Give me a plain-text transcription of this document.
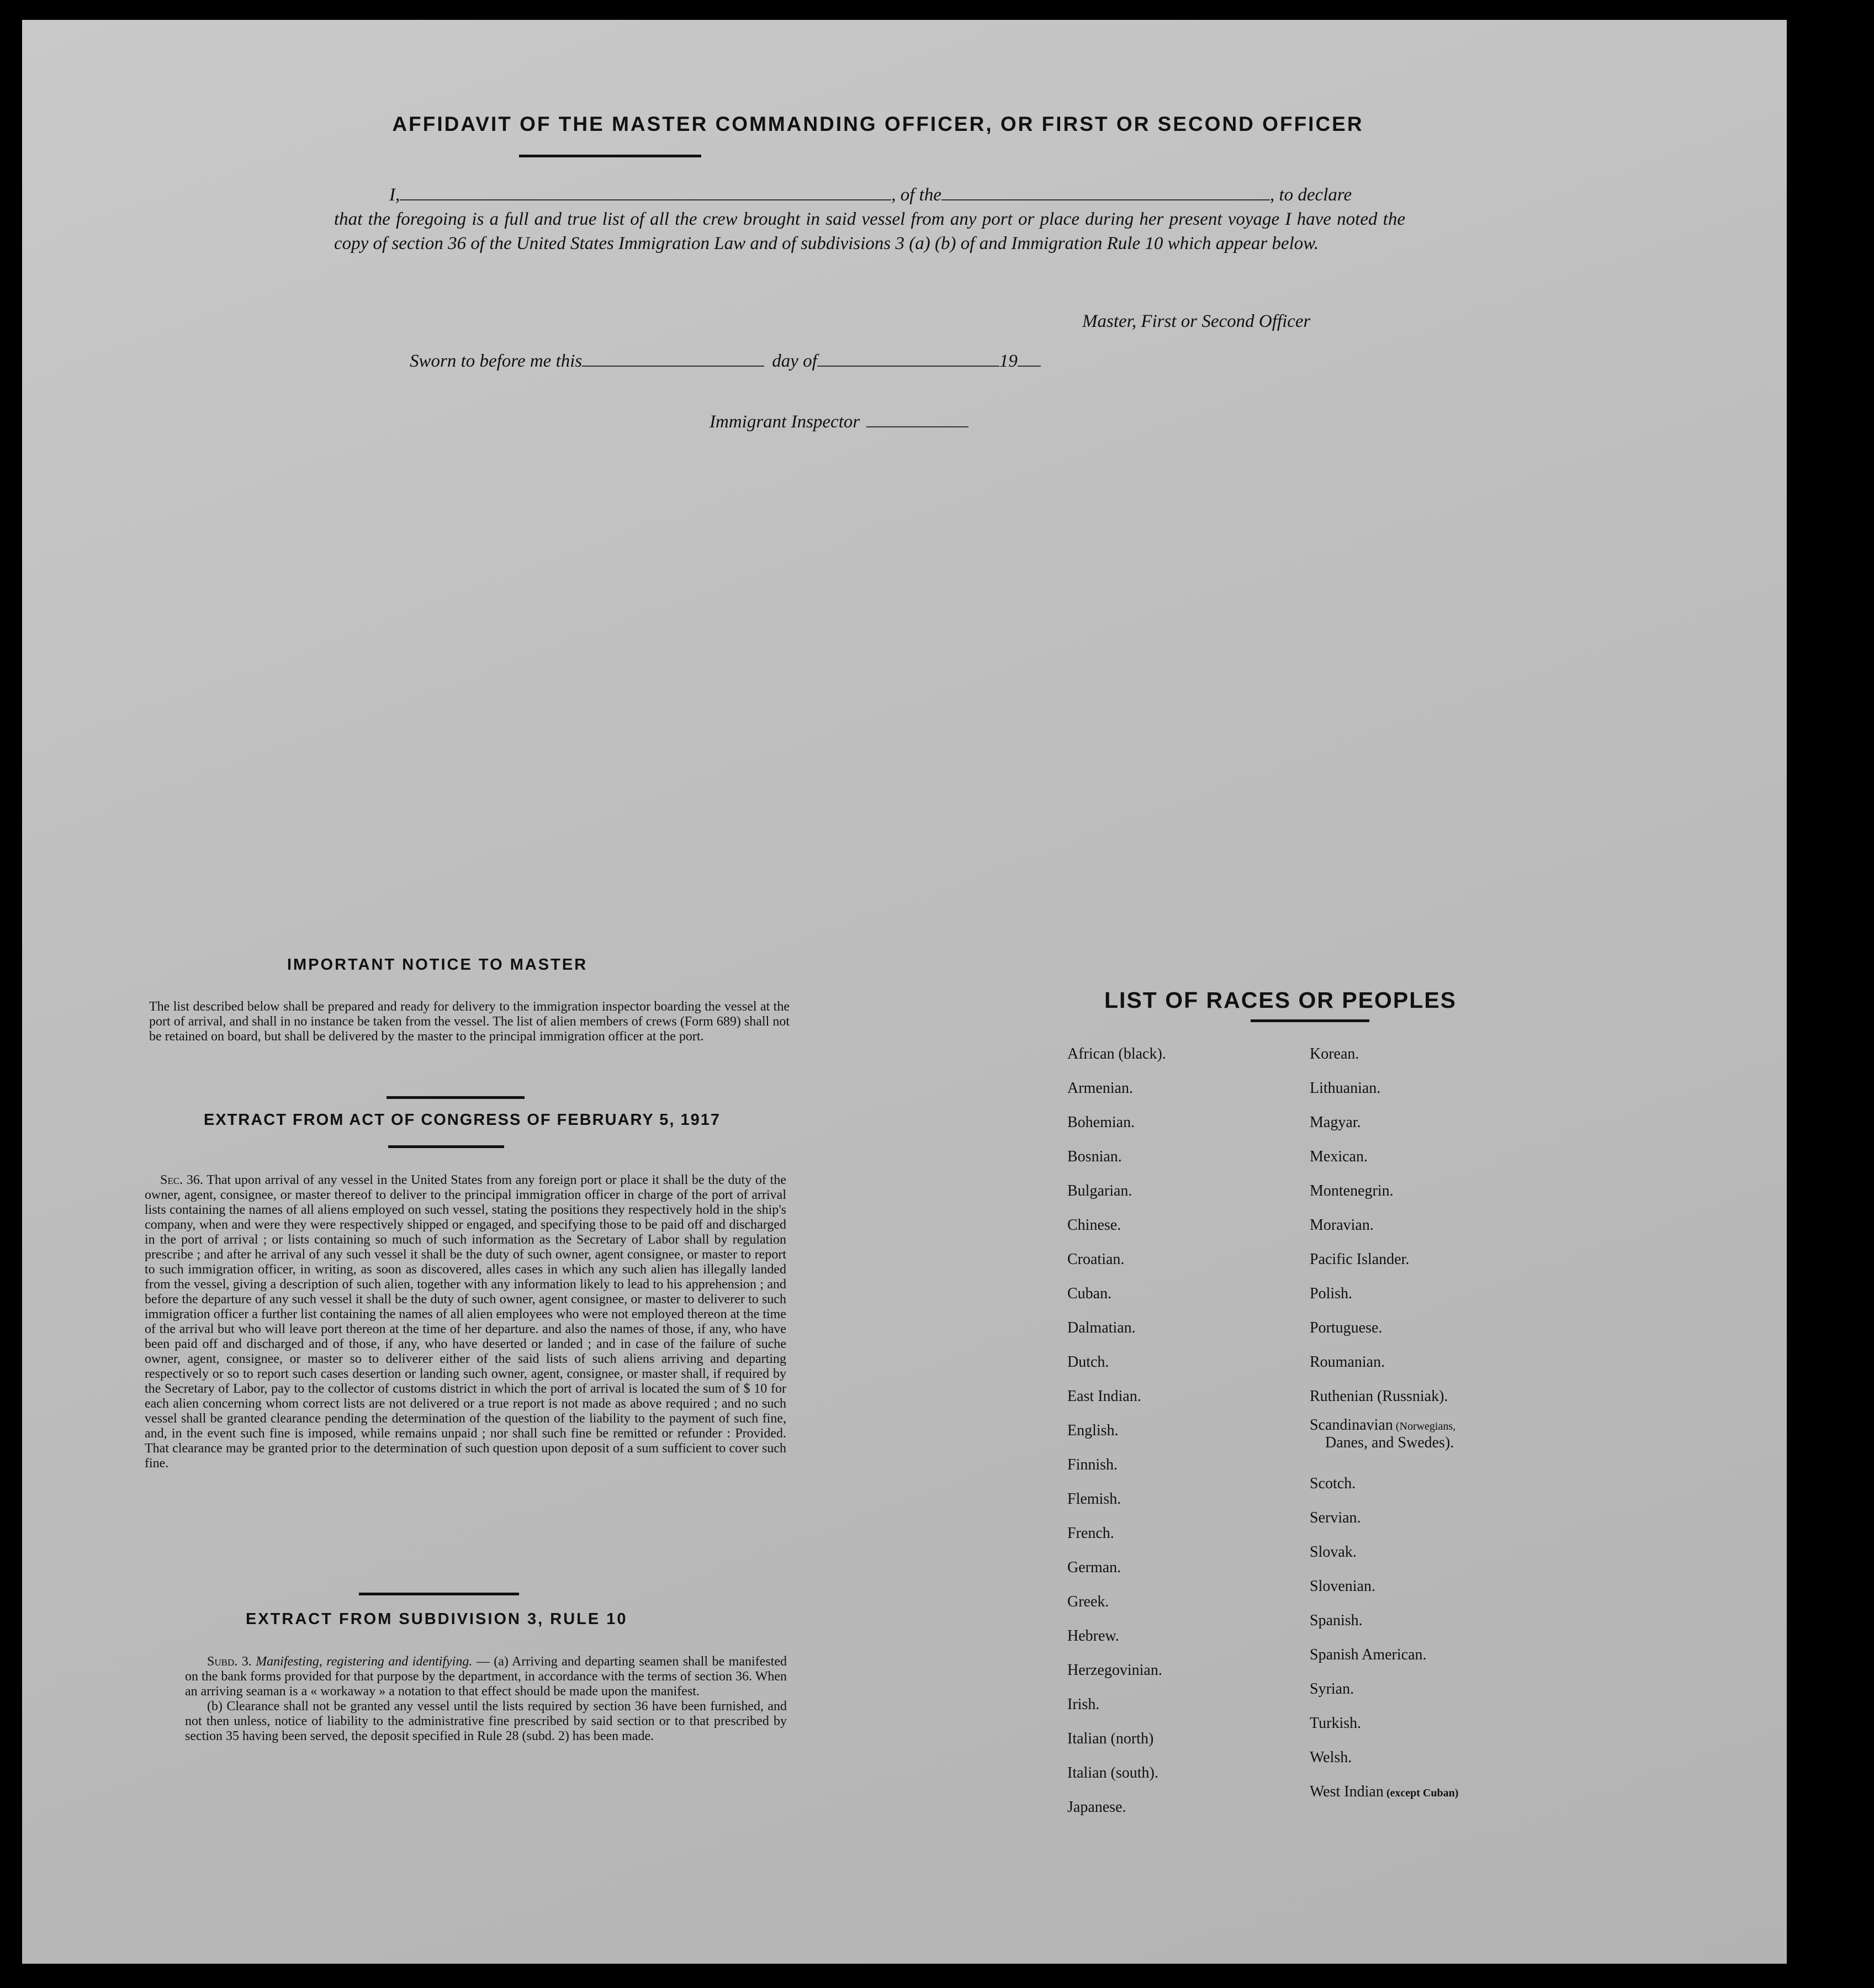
AFFIDAVIT OF THE MASTER COMMANDING OFFICER, OR FIRST OR SECOND OFFICER
I,	, of the	, to declare
that the foregoing is a full and true list of all the crew brought in said vessel from any port or place during her present voyage I have noted the copy of section 36 of the United States Immigration Law and of subdivisions 3 (a) (b) of and Immigration Rule 10 which appear below.
Master, First or Second Officer
Sworn to before me this	day of	19
Immigrant Inspector
IMPORTANT NOTICE TO MASTER
The list described below shall be prepared and ready for delivery to the immigration inspector boarding the vessel at the port of arrival, and shall in no instance be taken from the vessel. The list of alien members of crews (Form 689) shall not be retained on board, but shall be delivered by the master to the principal immigration officer at the port.
EXTRACT FROM ACT OF CONGRESS OF FEBRUARY 5, 1917
Sec. 36. That upon arrival of any vessel in the United States from any foreign port or place it shall be the duty of the owner, agent, consignee, or master thereof to deliver to the principal immigration officer in charge of the port of arrival lists containing the names of all aliens employed on such vessel, stating the positions they respectively hold in the ship's company, when and were they were respectively shipped or engaged, and specifying those to be paid off and discharged in the port of arrival ; or lists containing so much of such information as the Secretary of Labor shall by regulation prescribe ; and after he arrival of any such vessel it shall be the duty of such owner, agent consignee, or master to report to such immigration officer, in writing, as soon as discovered, alles cases in which any such alien has illegally landed from the vessel, giving a description of such alien, together with any information likely to lead to his apprehension ; and before the departure of any such vessel it shall be the duty of such owner, agent consignee, or master to deliverer to such immigration officer a further list containing the names of all alien employees who were not employed thereon at the time of the arrival but who will leave port thereon at the time of her departure. and also the names of those, if any, who have been paid off and discharged and of those, if any, who have deserted or landed ; and in case of the failure of suche owner, agent, consignee, or master so to deliverer either of the said lists of such aliens arriving and departing respectively or so to report such cases desertion or landing such owner, agent, consignee, or master shall, if required by the Secretary of Labor, pay to the collector of customs district in which the port of arrival is located the sum of $ 10 for each alien concerning whom correct lists are not delivered or a true report is not made as above required ; and no such vessel shall be granted clearance pending the determination of the question of the liability to the payment of such fine, and, in the event such fine is imposed, while remains unpaid ; nor shall such fine be remitted or refunder : Provided. That clearance may be granted prior to the determination of such question upon deposit of a sum sufficient to cover such fine.
EXTRACT FROM SUBDIVISION 3, RULE 10
Subd. 3. Manifesting, registering and identifying. — (a) Arriving and departing seamen shall be manifested on the bank forms provided for that purpose by the department, in accordance with the terms of section 36. When an arriving seaman is a « workaway » a notation to that effect should be made upon the manifest.
(b) Clearance shall not be granted any vessel until the lists required by section 36 have been furnished, and not then unless, notice of liability to the administrative fine prescribed by said section or to that prescribed by section 35 having been served, the deposit specified in Rule 28 (subd. 2) has been made.
LIST OF RACES OR PEOPLES
African (black).
Armenian.
Bohemian.
Bosnian.
Bulgarian.
Chinese.
Croatian.
Cuban.
Dalmatian.
Dutch.
East Indian.
English.
Finnish.
Flemish.
French.
German.
Greek.
Hebrew.
Herzegovinian.
Irish.
Italian (north)
Italian (south).
Japanese.
Korean.
Lithuanian.
Magyar.
Mexican.
Montenegrin.
Moravian.
Pacific Islander.
Polish.
Portuguese.
Roumanian.
Ruthenian (Russniak).
Scandinavian (Norwegians,
Danes, and Swedes).
Scotch.
Servian.
Slovak.
Slovenian.
Spanish.
Spanish American.
Syrian.
Turkish.
Welsh.
West Indian (except Cuban)
